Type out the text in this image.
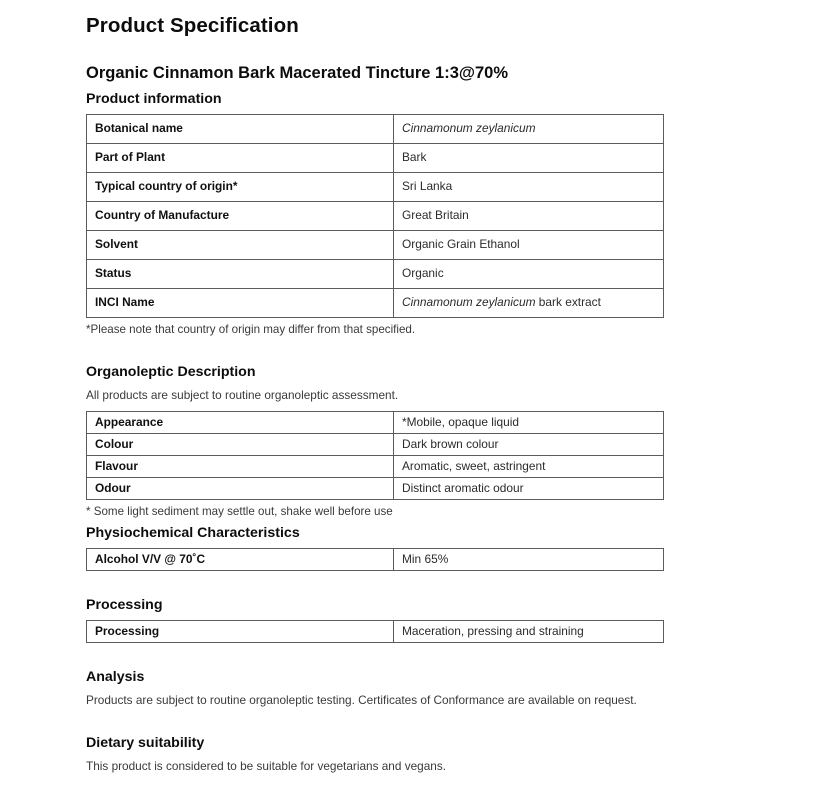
Product Specification
Organic Cinnamon Bark Macerated Tincture 1:3@70%
Product information
Botanical name	Cinnamonum zeylanicum
Part of Plant	Bark
Typical country of origin*	Sri Lanka
Country of Manufacture	Great Britain
Solvent	Organic Grain Ethanol
Status	Organic
INCI Name	Cinnamonum zeylanicum bark extract

*Please note that country of origin may differ from that specified.

Organoleptic Description

All products are subject to routine organoleptic assessment.

Appearance	*Mobile, opaque liquid
Colour	Dark brown colour
Flavour	Aromatic, sweet, astringent
Odour	Distinct aromatic odour

* Some light sediment may settle out, shake well before use

Physiochemical Characteristics
Alcohol V/V @ 70˚C	Min 65%
Processing
Processing	Maceration, pressing and straining
Analysis

Products are subject to routine organoleptic testing. Certificates of Conformance are available on request.

Dietary suitability

This product is considered to be suitable for vegetarians and vegans.
